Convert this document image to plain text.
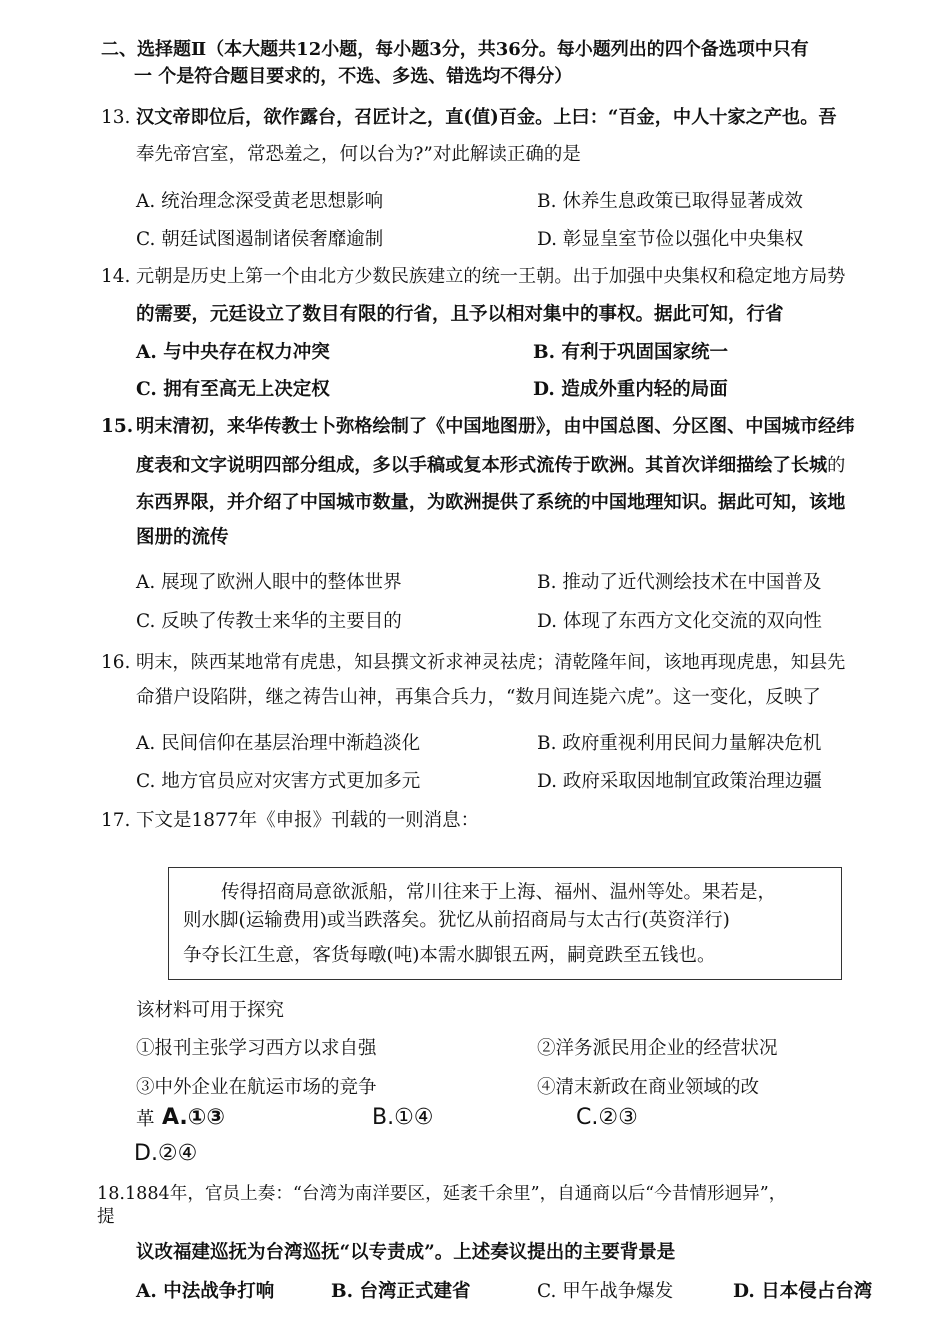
二、选择题Ⅱ（本大题共12小题，每小题3分，共36分。每小题列出的四个备选项中只有
一 个是符合题目要求的，不选、多选、错选均不得分）
13. 汉文帝即位后，欲作露台，召匠计之，直(值)百金。上曰：“百金，中人十家之产也。吾
奉先帝宫室，常恐羞之，何以台为?”对此解读正确的是
A. 统治理念深受黄老思想影响	B. 休养生息政策已取得显著成效
C. 朝廷试图遏制诸侯奢靡逾制	D. 彰显皇室节俭以强化中央集权
14. 元朝是历史上第一个由北方少数民族建立的统一王朝。出于加强中央集权和稳定地方局势
的需要，元廷设立了数目有限的行省，且予以相对集中的事权。据此可知，行省
A. 与中央存在权力冲突	B. 有利于巩固国家统一
C. 拥有至高无上决定权	D. 造成外重内轻的局面
15. 明末清初，来华传教士卜弥格绘制了《中国地图册》，由中国总图、分区图、中国城市经纬
度表和文字说明四部分组成，多以手稿或复本形式流传于欧洲。其首次详细描绘了长城的
东西界限，并介绍了中国城市数量，为欧洲提供了系统的中国地理知识。据此可知，该地
图册的流传
A. 展现了欧洲人眼中的整体世界	B. 推动了近代测绘技术在中国普及
C. 反映了传教士来华的主要目的	D. 体现了东西方文化交流的双向性
16. 明末，陕西某地常有虎患，知县撰文祈求神灵祛虎；清乾隆年间，该地再现虎患，知县先
命猎户设陷阱，继之祷告山神，再集合兵力，“数月间连毙六虎”。这一变化，反映了
A. 民间信仰在基层治理中渐趋淡化	B. 政府重视利用民间力量解决危机
C. 地方官员应对灾害方式更加多元	D. 政府采取因地制宜政策治理边疆
17. 下文是1877年《申报》刊载的一则消息：
传得招商局意欲派船，常川往来于上海、福州、温州等处。果若是，
则水脚(运输费用)或当跌落矣。犹忆从前招商局与太古行(英资洋行)
争夺长江生意，客货每暾(吨)本需水脚银五两，嗣竟跌至五钱也。
该材料可用于探究
①报刊主张学习西方以求自强	②洋务派民用企业的经营状况
③中外企业在航运市场的竞争	④清末新政在商业领域的改
革 A.①③	B.①④	C.②③
D.②④
18.1884年，官员上奏：“台湾为南洋要区，延袤千余里”，自通商以后“今昔情形迥异”，
提
议改福建巡抚为台湾巡抚“以专责成”。上述奏议提出的主要背景是
A. 中法战争打响	B. 台湾正式建省	C. 甲午战争爆发	D. 日本侵占台湾
